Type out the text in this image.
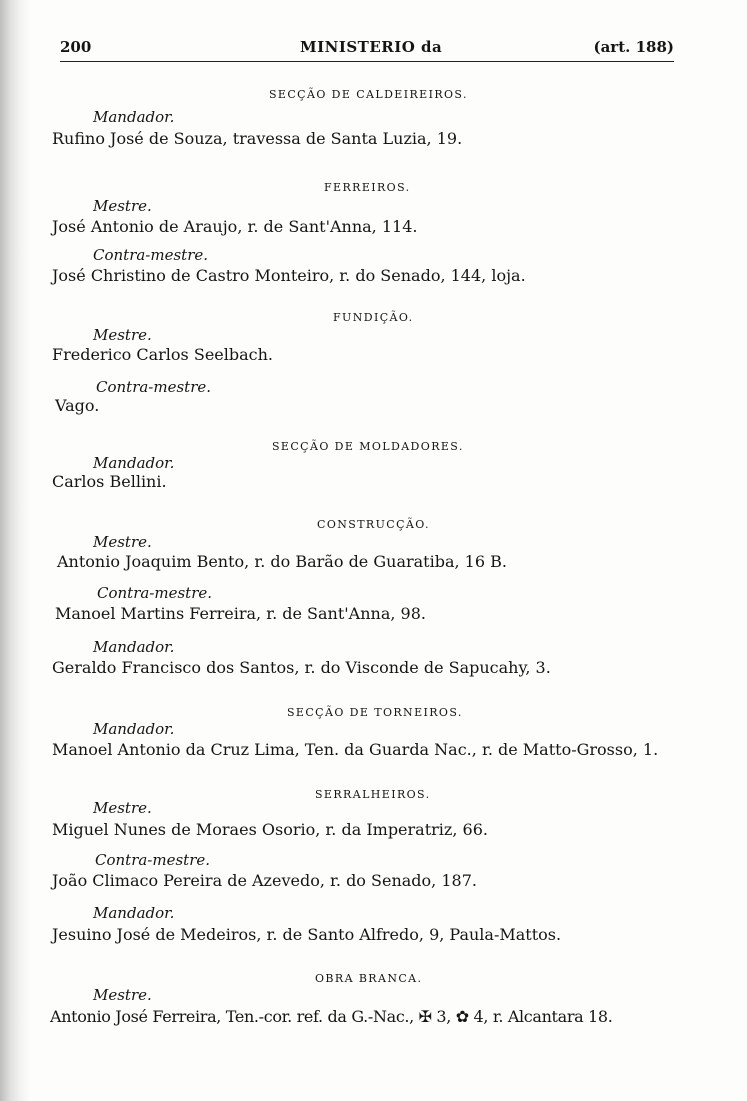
200	MINISTERIO da	(art. 188)
SECÇÃO DE CALDEIREIROS.
Mandador.
Rufino José de Souza, travessa de Santa Luzia, 19.
FERREIROS.
Mestre.
José Antonio de Araujo, r. de Sant'Anna, 114.
Contra-mestre.
José Christino de Castro Monteiro, r. do Senado, 144, loja.
FUNDIÇÃO.
Mestre.
Frederico Carlos Seelbach.
Contra-mestre.
Vago.
SECÇÃO DE MOLDADORES.
Mandador.
Carlos Bellini.
CONSTRUCÇÃO.
Mestre.
Antonio Joaquim Bento, r. do Barão de Guaratiba, 16 B.
Contra-mestre.
Manoel Martins Ferreira, r. de Sant'Anna, 98.
Mandador.
Geraldo Francisco dos Santos, r. do Visconde de Sapucahy, 3.
SECÇÃO DE TORNEIROS.
Mandador.
Manoel Antonio da Cruz Lima, Ten. da Guarda Nac., r. de Matto-Grosso, 1.
SERRALHEIROS.
Mestre.
Miguel Nunes de Moraes Osorio, r. da Imperatriz, 66.
Contra-mestre.
João Climaco Pereira de Azevedo, r. do Senado, 187.
Mandador.
Jesuino José de Medeiros, r. de Santo Alfredo, 9, Paula-Mattos.
OBRA BRANCA.
Mestre.
Antonio José Ferreira, Ten.-cor. ref. da G.-Nac., ✠ 3, ✿ 4, r. Alcantara 18.
